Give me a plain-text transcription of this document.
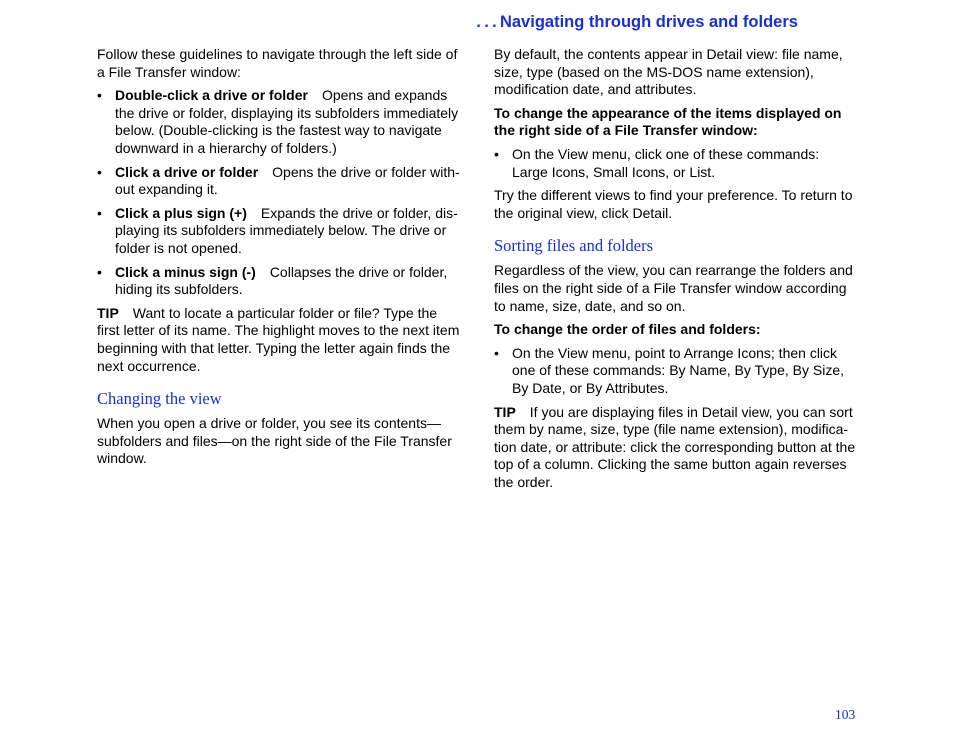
 . . . Navigating through drives and folders

Follow these guidelines to navigate through the left side of a File Transfer window:

• Double-click a drive or folder Opens and expands the drive or folder, displaying its subfolders immediately below. (Double-clicking is the fastest way to navigate downward in a hierarchy of folders.)
• Click a drive or folder Opens the drive or folder without expanding it.
• Click a plus sign (+) Expands the drive or folder, displaying its subfolders immediately below. The drive or folder is not opened.
• Click a minus sign (-) Collapses the drive or folder, hiding its subfolders.

TIP Want to locate a particular folder or file? Type the first letter of its name. The highlight moves to the next item beginning with that letter. Typing the letter again finds the next occurrence.

Changing the view

When you open a drive or folder, you see its contents—subfolders and files—on the right side of the File Transfer window.

By default, the contents appear in Detail view: file name, size, type (based on the MS-DOS name extension), modification date, and attributes.

To change the appearance of the items displayed on the right side of a File Transfer window:

• On the View menu, click one of these commands: Large Icons, Small Icons, or List.

Try the different views to find your preference. To return to the original view, click Detail.

Sorting files and folders

Regardless of the view, you can rearrange the folders and files on the right side of a File Transfer window according to name, size, date, and so on.

To change the order of files and folders:

• On the View menu, point to Arrange Icons; then click one of these commands: By Name, By Type, By Size, By Date, or By Attributes.

TIP If you are displaying files in Detail view, you can sort them by name, size, type (file name extension), modification date, or attribute: click the corresponding button at the top of a column. Clicking the same button again reverses the order.

103
